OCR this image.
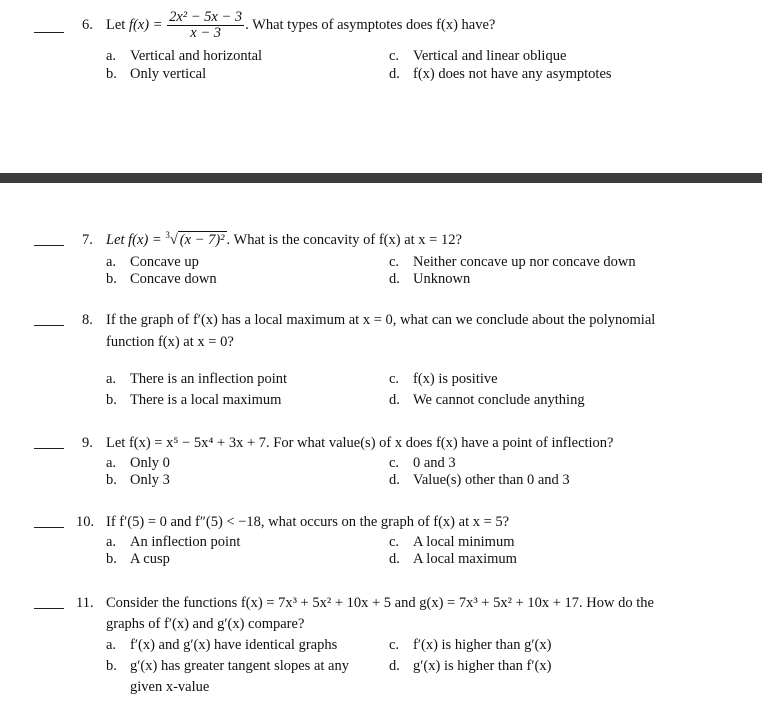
6. Let $f(x) = \frac{\text{2x² − 5x − 3}}{x - 3}$ . What types of asymptotes does f(x) have?
a. Vertical and horizontal
b. Only vertical
c. Vertical and linear oblique
d. f(x) does not have any asymptotes
7. Let f(x) = $^3$√ (x − 7)² . What is the concavity of f(x) at x = 12?
a. Concave up
b. Concave down
c. Neither concave up nor concave down
d. Unknown
8. If the graph of f′(x) has a local maximum at x = 0, what can we conclude about the polynomial
function f(x) at x = 0?
a. There is an inflection point
b. There is a local maximum
c. f(x) is positive
d. We cannot conclude anything
9. Let f(x) = x⁵ − 5x⁴ + 3x + 7. For what value(s) of x does f(x) have a point of inflection?
a. Only 0
b. Only 3
c. 0 and 3
d. Value(s) other than 0 and 3
10. If f′(5) = 0 and f″(5) < −18, what occurs on the graph of f(x) at x = 5?
a. An inflection point
b. A cusp
c. A local minimum
d. A local maximum
11. Consider the functions f(x) = 7x³ + 5x² + 10x + 5 and g(x) = 7x³ + 5x² + 10x + 17. How do the
graphs of f′(x) and g′(x) compare?
a. f′(x) and g′(x) have identical graphs
b. g′(x) has greater tangent slopes at any
given x-value
c. f′(x) is higher than g′(x)
d. g′(x) is higher than f′(x)
